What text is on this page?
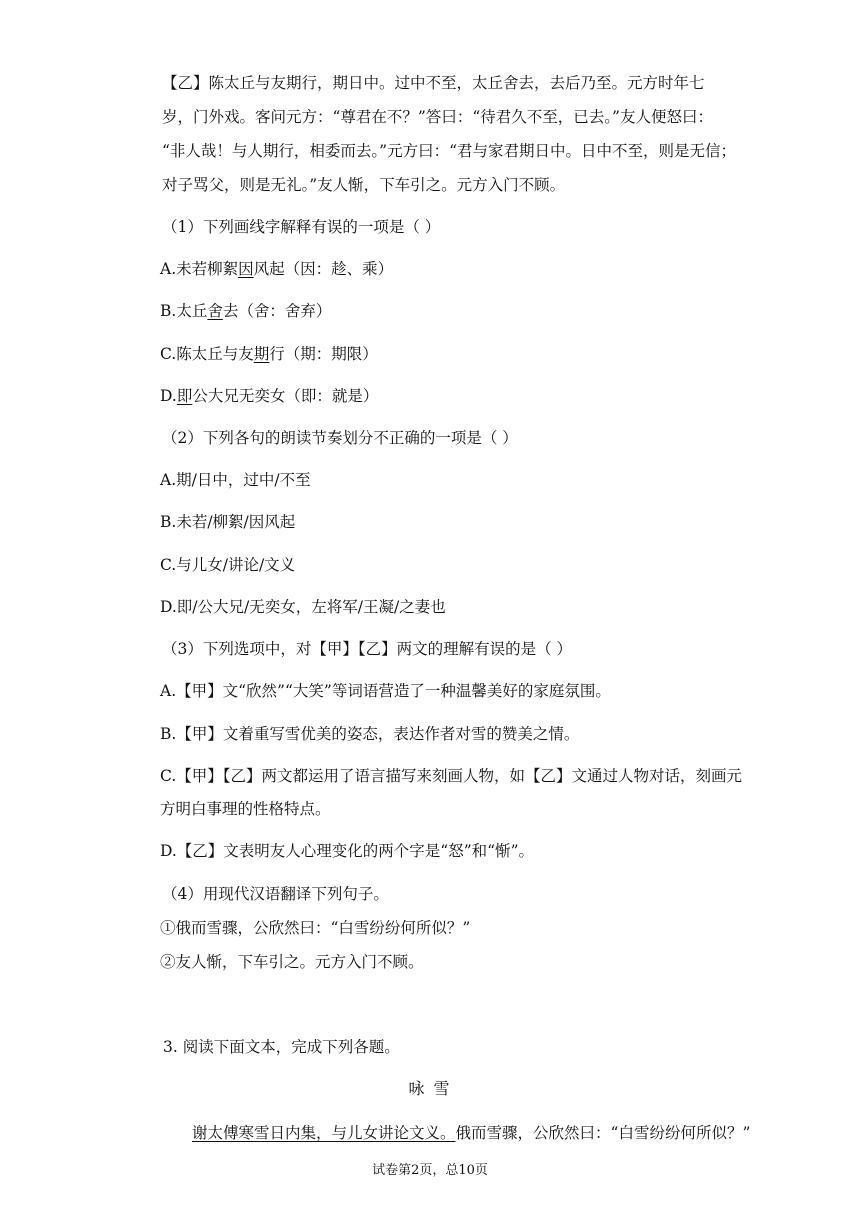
【乙】陈太丘与友期行，期日中。过中不至，太丘舍去，去后乃至。元方时年七
岁，门外戏。客问元方：“尊君在不？”答曰：“待君久不至，已去。”友人便怒曰：
“非人哉！与人期行，相委而去。”元方曰：“君与家君期日中。日中不至，则是无信；
对子骂父，则是无礼。”友人惭，下车引之。元方入门不顾。
（1）下列画线字解释有误的一项是（ ）
A.未若柳絮因风起（因：趁、乘）
B.太丘舍去（舍：舍弃）
C.陈太丘与友期行（期：期限）
D.即公大兄无奕女（即：就是）
（2）下列各句的朗读节奏划分不正确的一项是（ ）
A.期/日中，过中/不至
B.未若/柳絮/因风起
C.与儿女/讲论/文义
D.即/公大兄/无奕女，左将军/王凝/之妻也
（3）下列选项中，对【甲】【乙】两文的理解有误的是（ ）
A.【甲】文“欣然”“大笑”等词语营造了一种温馨美好的家庭氛围。
B.【甲】文着重写雪优美的姿态，表达作者对雪的赞美之情。
C.【甲】【乙】两文都运用了语言描写来刻画人物，如【乙】文通过人物对话，刻画元
方明白事理的性格特点。
D.【乙】文表明友人心理变化的两个字是“怒”和“惭”。
（4）用现代汉语翻译下列句子。
①俄而雪骤，公欣然曰：“白雪纷纷何所似？”
②友人惭，下车引之。元方入门不顾。
3. 阅读下面文本，完成下列各题。
咏 雪
谢太傅寒雪日内集，与儿女讲论文义。俄而雪骤，公欣然曰：“白雪纷纷何所似？”
试卷第2页，总10页
